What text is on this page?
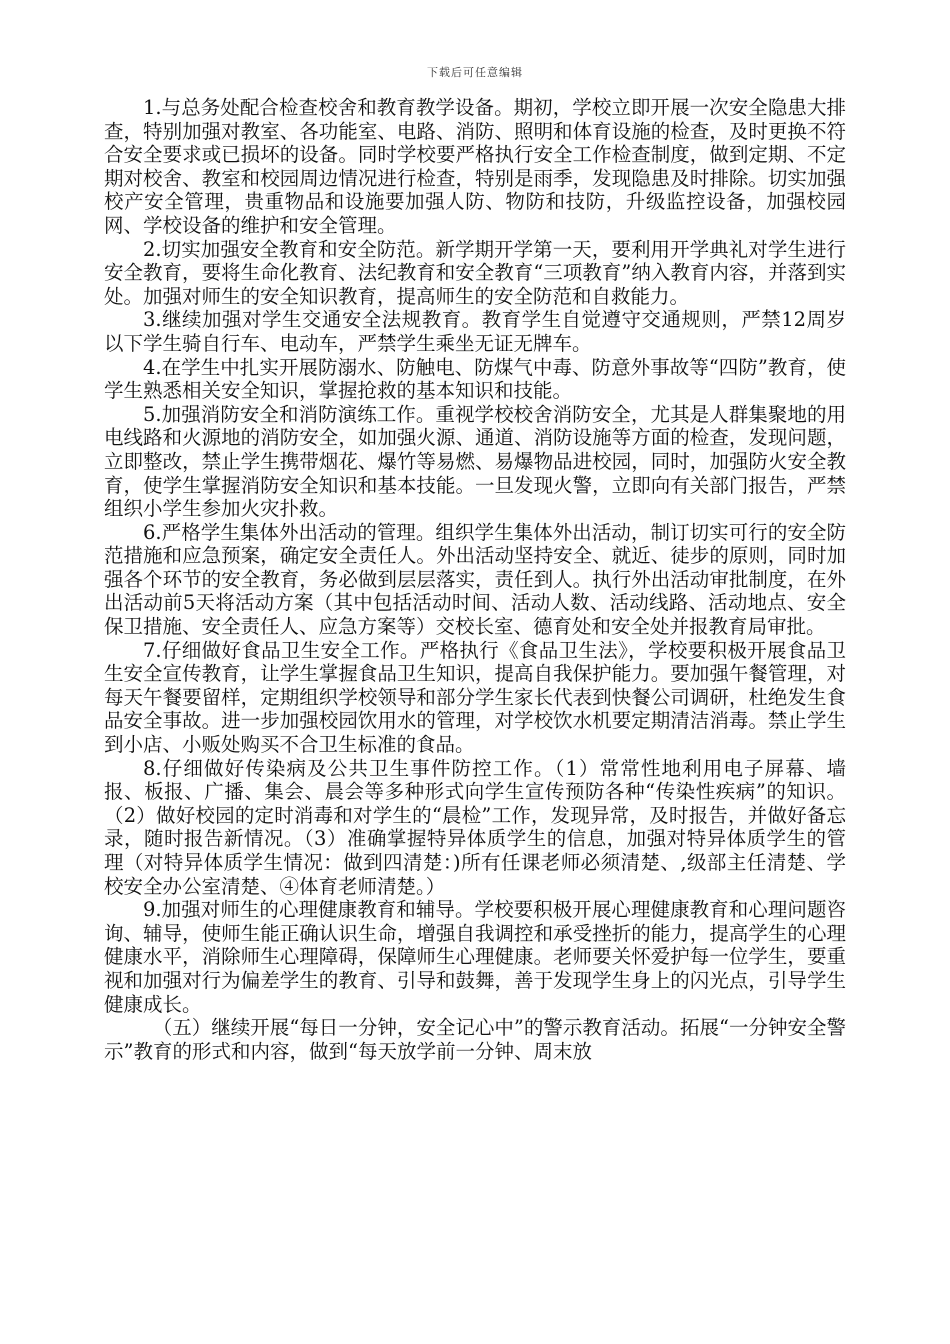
下载后可任意编辑

1.与总务处配合检查校舍和教育教学设备。期初，学校立即开展一次安全隐患大排查，特别加强对教室、各功能室、电路、消防、照明和体育设施的检查，及时更换不符合安全要求或已损坏的设备。同时学校要严格执行安全工作检查制度，做到定期、不定期对校舍、教室和校园周边情况进行检查，特别是雨季，发现隐患及时排除。切实加强校产安全管理，贵重物品和设施要加强人防、物防和技防，升级监控设备，加强校园网、学校设备的维护和安全管理。

2.切实加强安全教育和安全防范。新学期开学第一天，要利用开学典礼对学生进行安全教育，要将生命化教育、法纪教育和安全教育“三项教育”纳入教育内容，并落到实处。加强对师生的安全知识教育，提高师生的安全防范和自救能力。

3.继续加强对学生交通安全法规教育。教育学生自觉遵守交通规则，严禁12周岁以下学生骑自行车、电动车，严禁学生乘坐无证无牌车。

4.在学生中扎实开展防溺水、防触电、防煤气中毒、防意外事故等“四防”教育，使学生熟悉相关安全知识，掌握抢救的基本知识和技能。

5.加强消防安全和消防演练工作。重视学校校舍消防安全，尤其是人群集聚地的用电线路和火源地的消防安全，如加强火源、通道、消防设施等方面的检查，发现问题，立即整改，禁止学生携带烟花、爆竹等易燃、易爆物品进校园，同时，加强防火安全教育，使学生掌握消防安全知识和基本技能。一旦发现火警，立即向有关部门报告，严禁组织小学生参加火灾扑救。

6.严格学生集体外出活动的管理。组织学生集体外出活动，制订切实可行的安全防范措施和应急预案，确定安全责任人。外出活动坚持安全、就近、徒步的原则，同时加强各个环节的安全教育，务必做到层层落实，责任到人。执行外出活动审批制度，在外出活动前5天将活动方案（其中包括活动时间、活动人数、活动线路、活动地点、安全保卫措施、安全责任人、应急方案等）交校长室、德育处和安全处并报教育局审批。

7.仔细做好食品卫生安全工作。严格执行《食品卫生法》，学校要积极开展食品卫生安全宣传教育，让学生掌握食品卫生知识，提高自我保护能力。要加强午餐管理，对每天午餐要留样，定期组织学校领导和部分学生家长代表到快餐公司调研，杜绝发生食品安全事故。进一步加强校园饮用水的管理，对学校饮水机要定期清洁消毒。禁止学生到小店、小贩处购买不合卫生标准的食品。

8.仔细做好传染病及公共卫生事件防控工作。（1）常常性地利用电子屏幕、墙报、板报、广播、集会、晨会等多种形式向学生宣传预防各种“传染性疾病”的知识。（2）做好校园的定时消毒和对学生的“晨检”工作，发现异常，及时报告，并做好备忘录，随时报告新情况。（3）准确掌握特异体质学生的信息，加强对特异体质学生的管理（对特异体质学生情况：做到四清楚：)所有任课老师必须清楚、,级部主任清楚、学校安全办公室清楚、④体育老师清楚。）

9.加强对师生的心理健康教育和辅导。学校要积极开展心理健康教育和心理问题咨询、辅导，使师生能正确认识生命，增强自我调控和承受挫折的能力，提高学生的心理健康水平，消除师生心理障碍，保障师生心理健康。老师要关怀爱护每一位学生，要重视和加强对行为偏差学生的教育、引导和鼓舞，善于发现学生身上的闪光点，引导学生健康成长。

（五）继续开展“每日一分钟，安全记心中”的警示教育活动。拓展“一分钟安全警示”教育的形式和内容，做到“每天放学前一分钟、周末放
